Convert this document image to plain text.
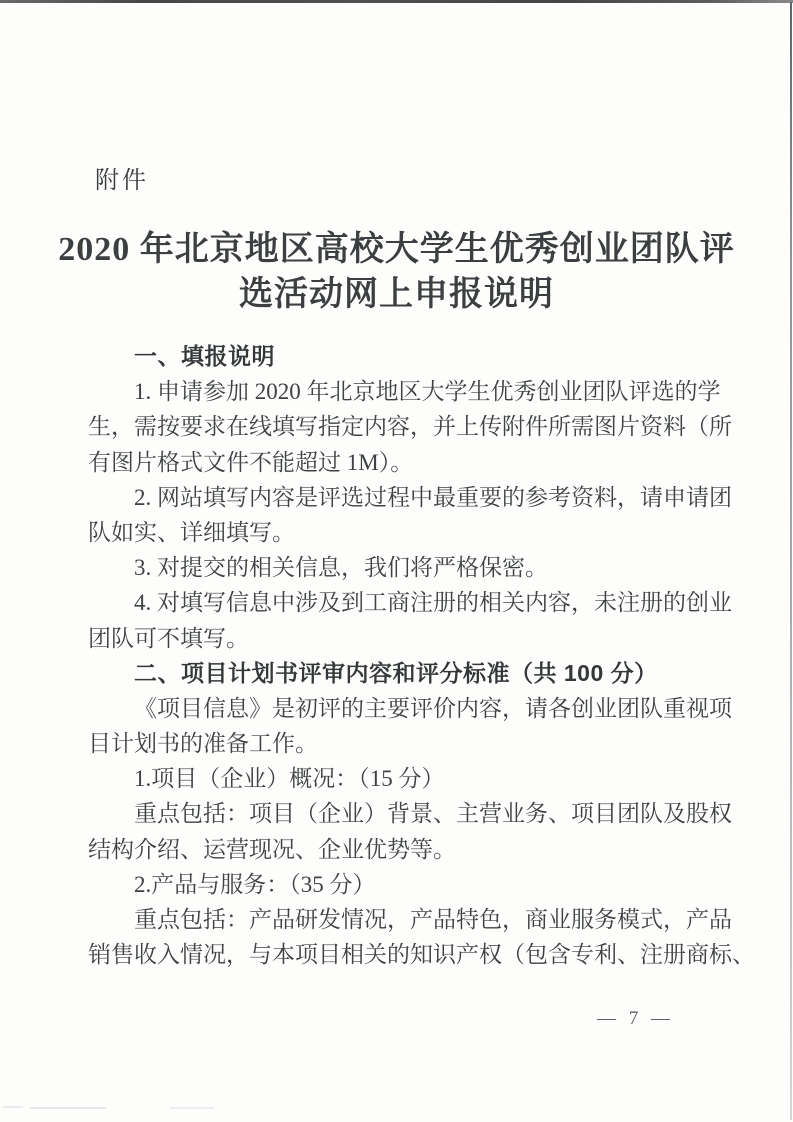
附件
2020 年北京地区高校大学生优秀创业团队评
选活动网上申报说明
一、填报说明
1. 申请参加 2020 年北京地区大学生优秀创业团队评选的学
生，需按要求在线填写指定内容，并上传附件所需图片资料（所
有图片格式文件不能超过 1M）。
2. 网站填写内容是评选过程中最重要的参考资料，请申请团
队如实、详细填写。
3. 对提交的相关信息，我们将严格保密。
4. 对填写信息中涉及到工商注册的相关内容，未注册的创业
团队可不填写。
二、项目计划书评审内容和评分标准（共 100 分）
《项目信息》是初评的主要评价内容，请各创业团队重视项
目计划书的准备工作。
1.项目（企业）概况：（15 分）
重点包括：项目（企业）背景、主营业务、项目团队及股权
结构介绍、运营现况、企业优势等。
2.产品与服务：（35 分）
重点包括：产品研发情况，产品特色，商业服务模式，产品
销售收入情况，与本项目相关的知识产权（包含专利、注册商标、
— 7 —
